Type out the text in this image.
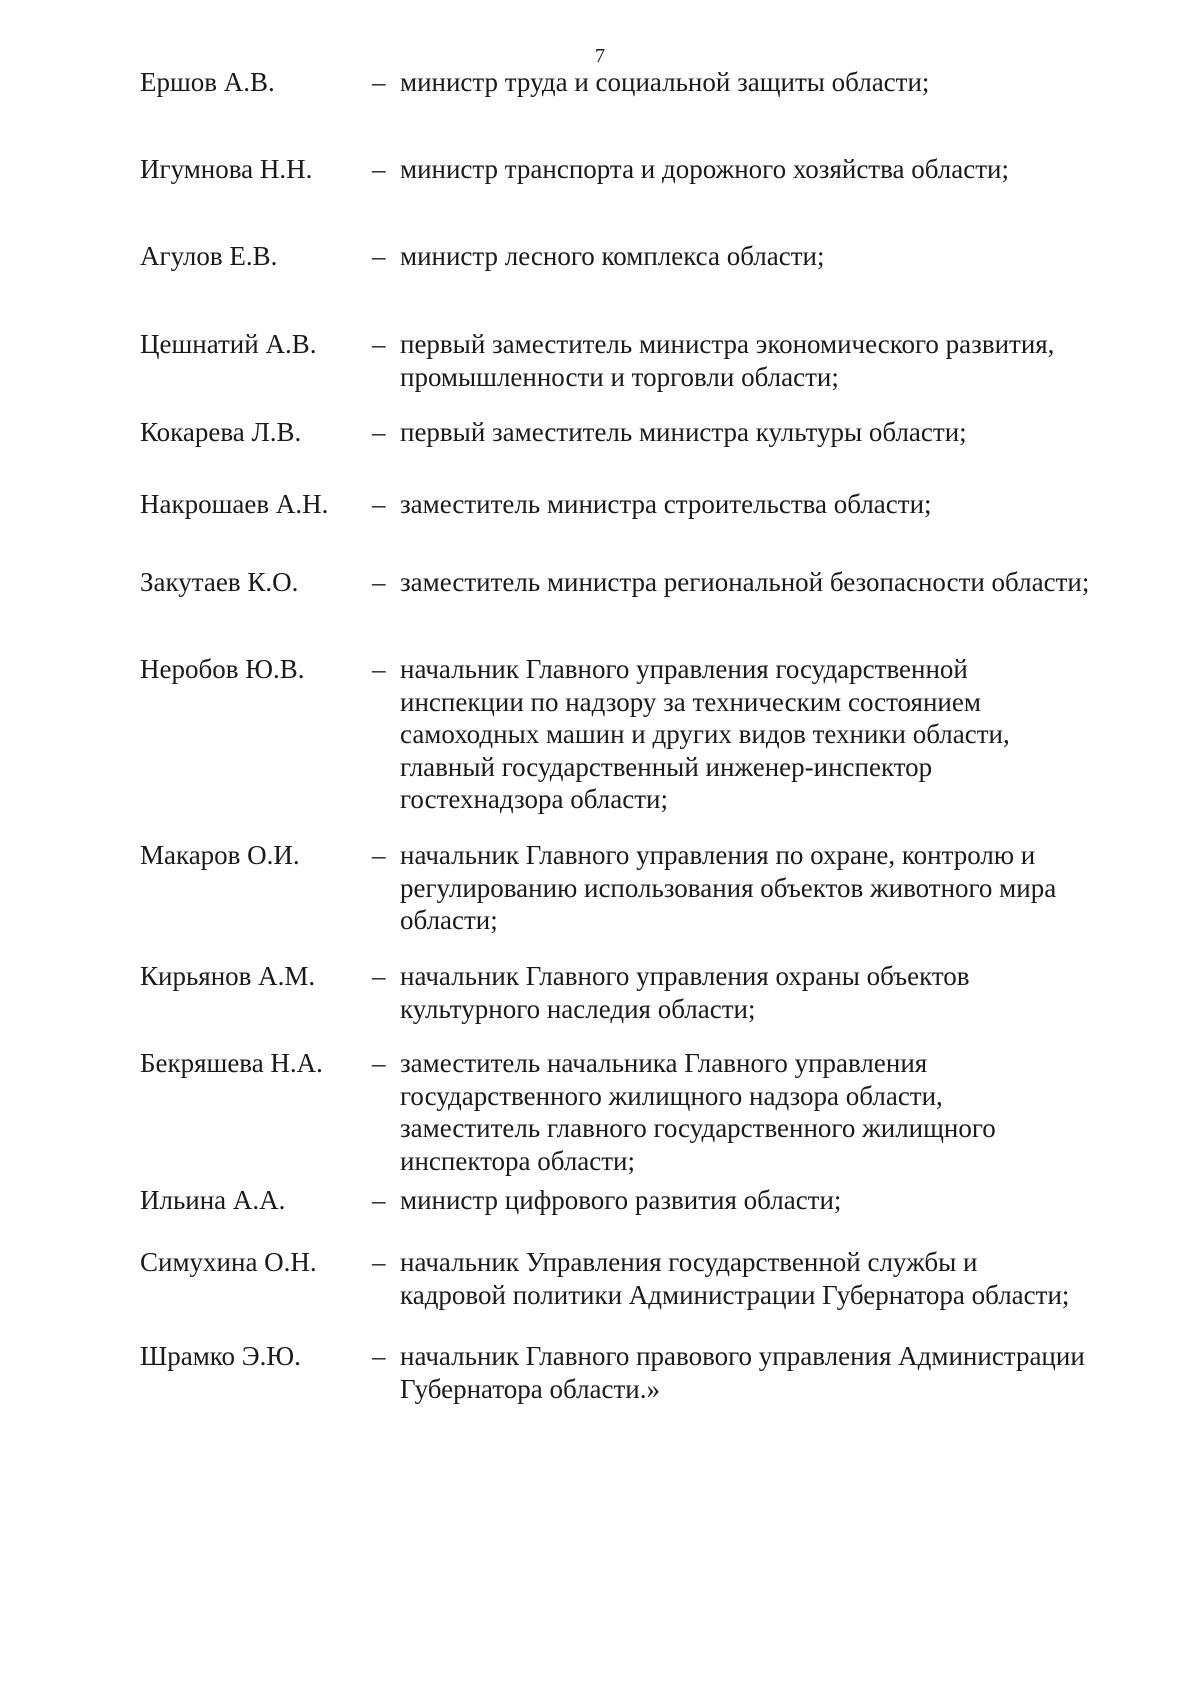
7
Ершов А.В.	– министр труда и социальной защиты области;
Игумнова Н.Н. – министр транспорта и дорожного хозяйства области;
Агулов Е.В.	– министр лесного комплекса области;
Цешнатий А.В. – первый заместитель министра экономического развития,
промышленности и торговли области;
Кокарева Л.В.	– первый заместитель министра культуры области;
Накрошаев А.Н. – заместитель министра строительства области;
Закутаев К.О.	– заместитель министра региональной безопасности области;
Неробов Ю.В.	– начальник Главного управления государственной
инспекции по надзору за техническим состоянием
самоходных машин и других видов техники области,
главный государственный инженер-инспектор
гостехнадзора области;
Макаров О.И.	– начальник Главного управления по охране, контролю и
регулированию использования объектов животного мира
области;
Кирьянов А.М. – начальник Главного управления охраны объектов
культурного наследия области;
Бекряшева Н.А. – заместитель начальника Главного управления
государственного жилищного надзора области,
заместитель главного государственного жилищного
инспектора области;
Ильина А.А.	– министр цифрового развития области;
Симухина О.Н. – начальник Управления государственной службы и
кадровой политики Администрации Губернатора области;
Шрамко Э.Ю.	– начальник Главного правового управления Администрации
Губернатора области.»
